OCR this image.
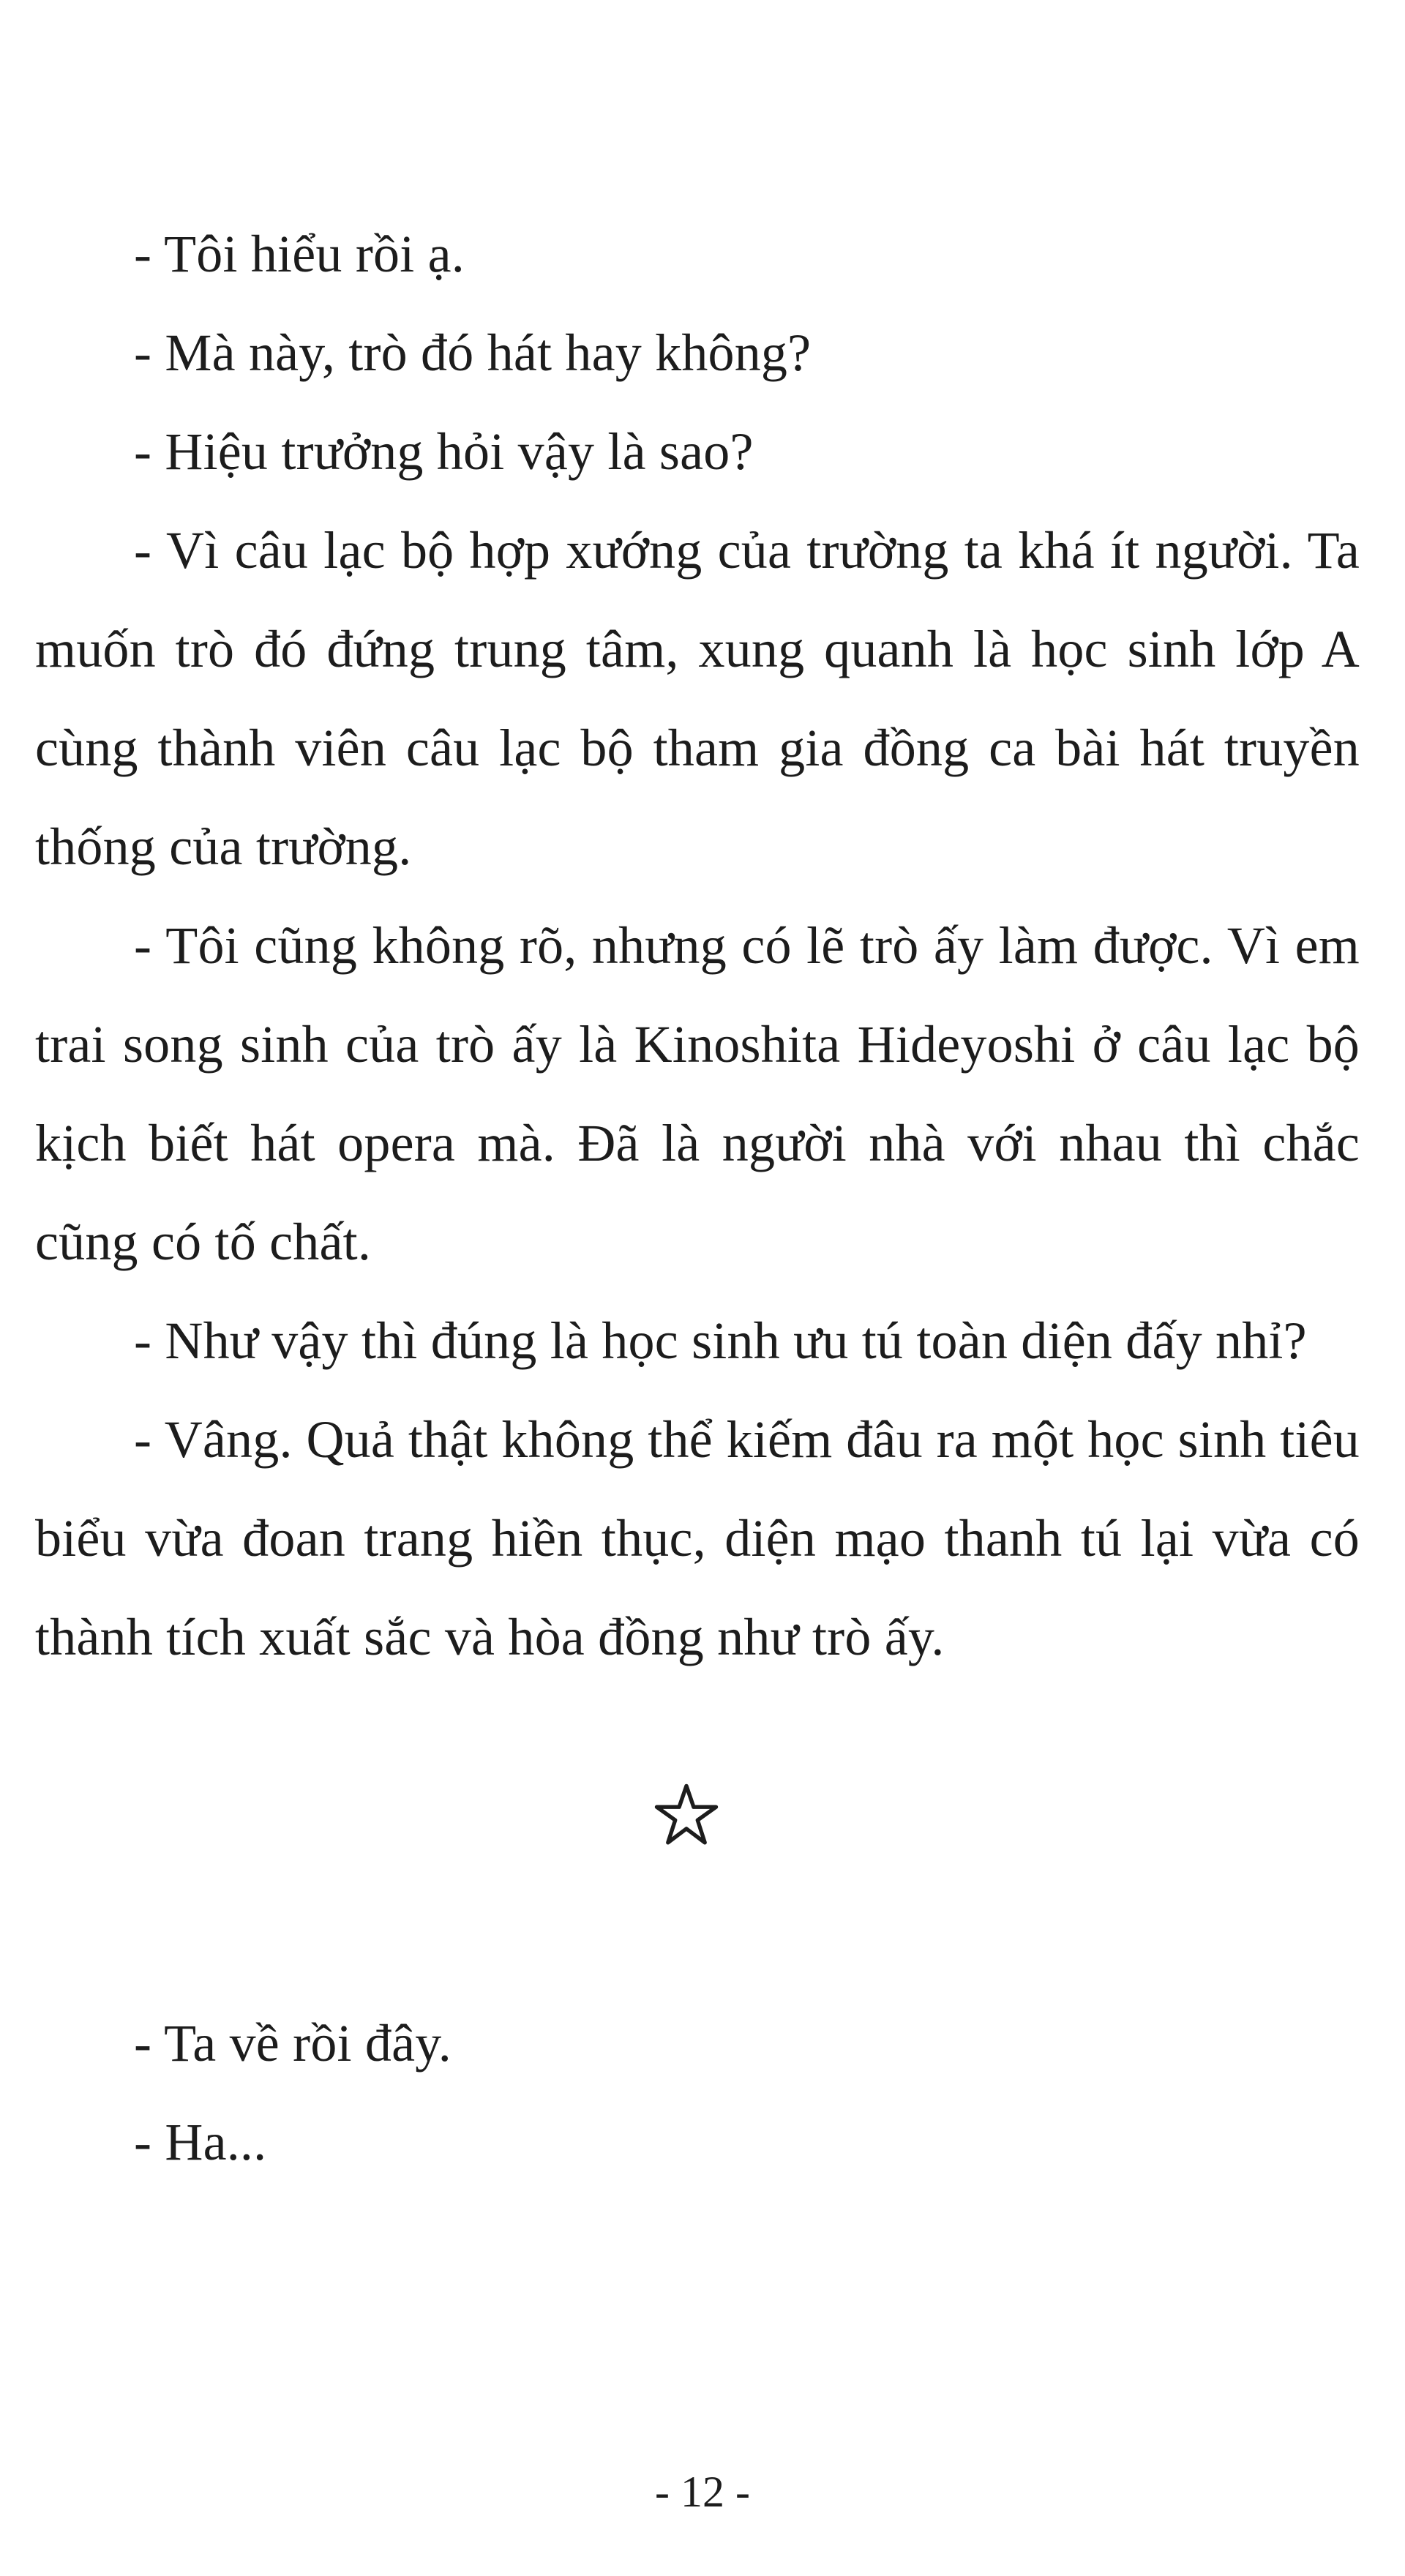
- Tôi hiểu rồi ạ.

- Mà này, trò đó hát hay không?

- Hiệu trưởng hỏi vậy là sao?

- Vì câu lạc bộ hợp xướng của trường ta khá ít người. Ta muốn trò đó đứng trung tâm, xung quanh là học sinh lớp A cùng thành viên câu lạc bộ tham gia đồng ca bài hát truyền thống của trường.

- Tôi cũng không rõ, nhưng có lẽ trò ấy làm được. Vì em trai song sinh của trò ấy là Kinoshita Hideyoshi ở câu lạc bộ kịch biết hát opera mà. Đã là người nhà với nhau thì chắc cũng có tố chất.

- Như vậy thì đúng là học sinh ưu tú toàn diện đấy nhỉ?

- Vâng. Quả thật không thể kiếm đâu ra một học sinh tiêu biểu vừa đoan trang hiền thục, diện mạo thanh tú lại vừa có thành tích xuất sắc và hòa đồng như trò ấy.

- Ta về rồi đây.

- Ha...

- 12 -
